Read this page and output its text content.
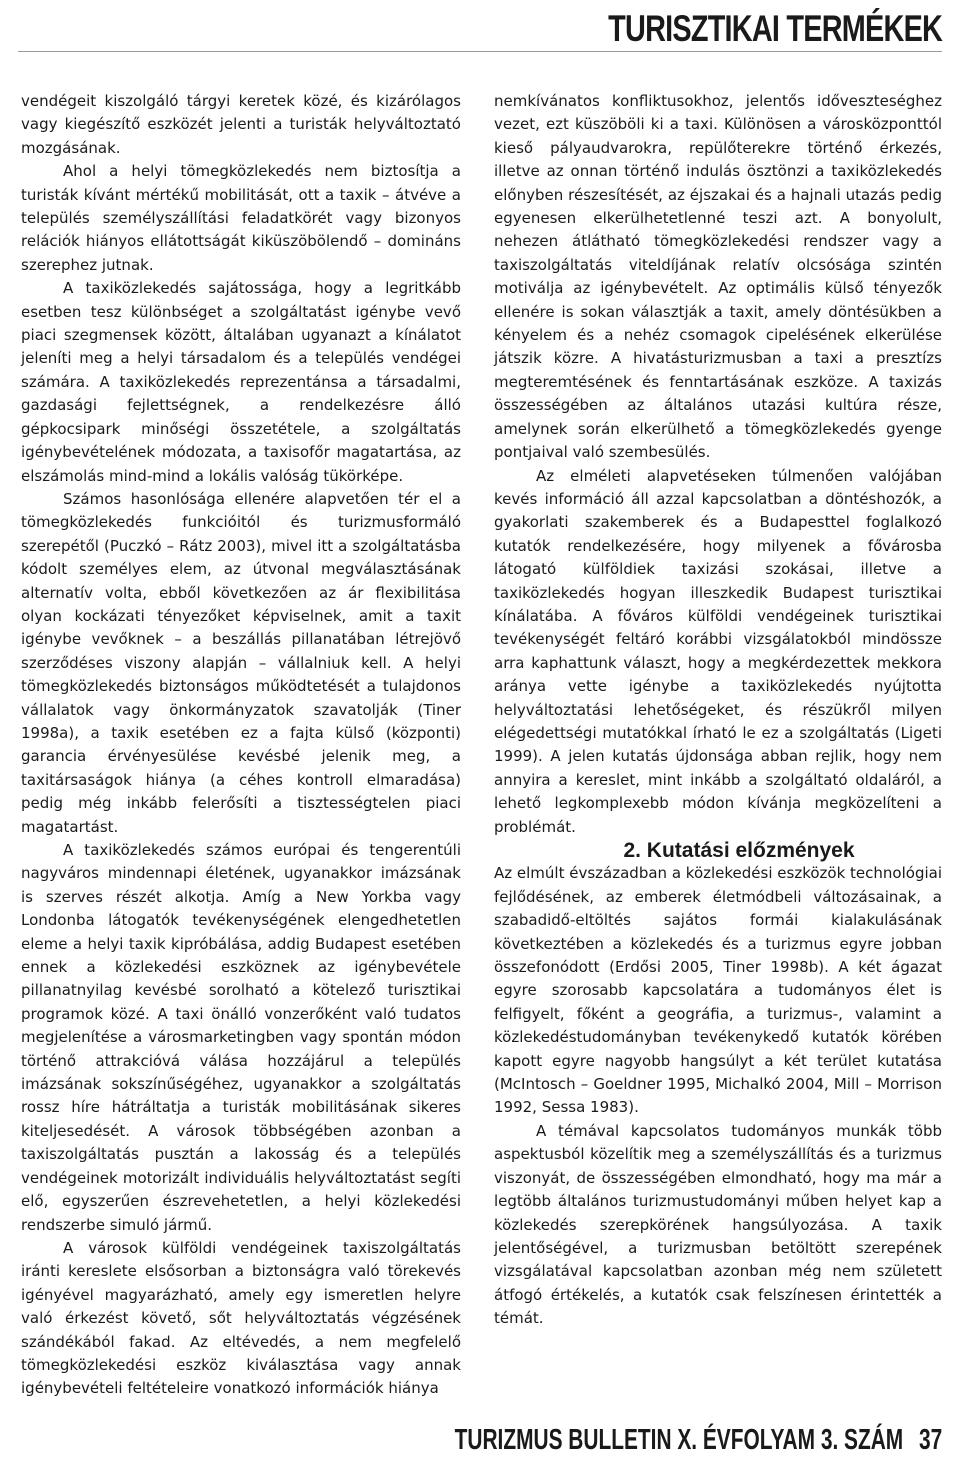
TURISZTIKAI TERMÉKEK

vendégeit kiszolgáló tárgyi keretek közé, és kizárólagos vagy kiegészítő eszközét jelenti a turisták helyváltoztató mozgásának.

Ahol a helyi tömegközlekedés nem biztosítja a turisták kívánt mértékű mobilitását, ott a taxik – átvéve a település személyszállítási feladatkörét vagy bizonyos relációk hiányos ellátottságát kiküszöbölendő – domináns szerephez jutnak.

A taxiközlekedés sajátossága, hogy a legritkább esetben tesz különbséget a szolgáltatást igénybe vevő piaci szegmensek között, általában ugyanazt a kínálatot jeleníti meg a helyi társadalom és a település vendégei számára. A taxiközlekedés reprezentánsa a társadalmi, gazdasági fejlettségnek, a rendelkezésre álló gépkocsipark minőségi összetétele, a szolgáltatás igénybevételének módozata, a taxisofőr magatartása, az elszámolás mind-mind a lokális valóság tükörképe.

Számos hasonlósága ellenére alapvetően tér el a tömegközlekedés funkcióitól és turizmusformáló szerepétől (Puczkó – Rátz 2003), mivel itt a szolgáltatásba kódolt személyes elem, az útvonal megválasztásának alternatív volta, ebből következően az ár flexibilitása olyan kockázati tényezőket képviselnek, amit a taxit igénybe vevőknek – a beszállás pillanatában létrejövő szerződéses viszony alapján – vállalniuk kell. A helyi tömegközlekedés biztonságos működtetését a tulajdonos vállalatok vagy önkormányzatok szavatolják (Tiner 1998a), a taxik esetében ez a fajta külső (központi) garancia érvényesülése kevésbé jelenik meg, a taxitársaságok hiánya (a céhes kontroll elmaradása) pedig még inkább felerősíti a tisztességtelen piaci magatartást.

A taxiközlekedés számos európai és tengerentúli nagyváros mindennapi életének, ugyanakkor imázsának is szerves részét alkotja. Amíg a New Yorkba vagy Londonba látogatók tevékenységének elengedhetetlen eleme a helyi taxik kipróbálása, addig Budapest esetében ennek a közlekedési eszköznek az igénybevétele pillanatnyilag kevésbé sorolható a kötelező turisztikai programok közé. A taxi önálló vonzerőként való tudatos megjelenítése a városmarketingben vagy spontán módon történő attrakcióvá válása hozzájárul a település imázsának sokszínűségéhez, ugyanakkor a szolgáltatás rossz híre hátráltatja a turisták mobilitásának sikeres kiteljesedését. A városok többségében azonban a taxiszolgáltatás pusztán a lakosság és a település vendégeinek motorizált individuális helyváltoztatást segíti elő, egyszerűen észrevehetetlen, a helyi közlekedési rendszerbe simuló jármű.

A városok külföldi vendégeinek taxiszolgáltatás iránti kereslete elsősorban a biztonságra való törekevés igényével magyarázható, amely egy ismeretlen helyre való érkezést követő, sőt helyváltoztatás végzésének szándékából fakad. Az eltévedés, a nem megfelelő tömegközlekedési eszköz kiválasztása vagy annak igénybevételi feltételeire vonatkozó információk hiánya

nemkívánatos konfliktusokhoz, jelentős időveszteséghez vezet, ezt küszöböli ki a taxi. Különösen a városközponttól kieső pályaudvarokra, repülőterekre történő érkezés, illetve az onnan történő indulás ösztönzi a taxiközlekedés előnyben részesítését, az éjszakai és a hajnali utazás pedig egyenesen elkerülhetetlenné teszi azt. A bonyolult, nehezen átlátható tömegközlekedési rendszer vagy a taxiszolgáltatás viteldíjának relatív olcsósága szintén motiválja az igénybevételt. Az optimális külső tényezők ellenére is sokan választják a taxit, amely döntésükben a kényelem és a nehéz csomagok cipelésének elkerülése játszik közre. A hivatásturizmusban a taxi a presztízs megteremtésének és fenntartásának eszköze. A taxizás összességében az általános utazási kultúra része, amelynek során elkerülhető a tömegközlekedés gyenge pontjaival való szembesülés.

Az elméleti alapvetéseken túlmenően valójában kevés információ áll azzal kapcsolatban a döntéshozók, a gyakorlati szakemberek és a Budapesttel foglalkozó kutatók rendelkezésére, hogy milyenek a fővárosba látogató külföldiek taxizási szokásai, illetve a taxiközlekedés hogyan illeszkedik Budapest turisztikai kínálatába. A főváros külföldi vendégeinek turisztikai tevékenységét feltáró korábbi vizsgálatokból mindössze arra kaphattunk választ, hogy a megkérdezettek mekkora aránya vette igénybe a taxiközlekedés nyújtotta helyváltoztatási lehetőségeket, és részükről milyen elégedettségi mutatókkal írható le ez a szolgáltatás (Ligeti 1999). A jelen kutatás újdonsága abban rejlik, hogy nem annyira a kereslet, mint inkább a szolgáltató oldaláról, a lehető legkomplexebb módon kívánja megközelíteni a problémát.

2. Kutatási előzmények

Az elmúlt évszázadban a közlekedési eszközök technológiai fejlődésének, az emberek életmódbeli változásainak, a szabadidő-eltöltés sajátos formái kialakulásának következtében a közlekedés és a turizmus egyre jobban összefonódott (Erdősi 2005, Tiner 1998b). A két ágazat egyre szorosabb kapcsolatára a tudományos élet is felfigyelt, főként a geográfia, a turizmus-, valamint a közlekedéstudományban tevékenykedő kutatók körében kapott egyre nagyobb hangsúlyt a két terület kutatása (McIntosch – Goeldner 1995, Michalkó 2004, Mill – Morrison 1992, Sessa 1983).

A témával kapcsolatos tudományos munkák több aspektusból közelítik meg a személyszállítás és a turizmus viszonyát, de összességében elmondható, hogy ma már a legtöbb általános turizmustudományi műben helyet kap a közlekedés szerepkörének hangsúlyozása. A taxik jelentőségével, a turizmusban betöltött szerepének vizsgálatával kapcsolatban azonban még nem született átfogó értékelés, a kutatók csak felszínesen érintették a témát.

TURIZMUS BULLETIN X. ÉVFOLYAM 3. SZÁM 37
